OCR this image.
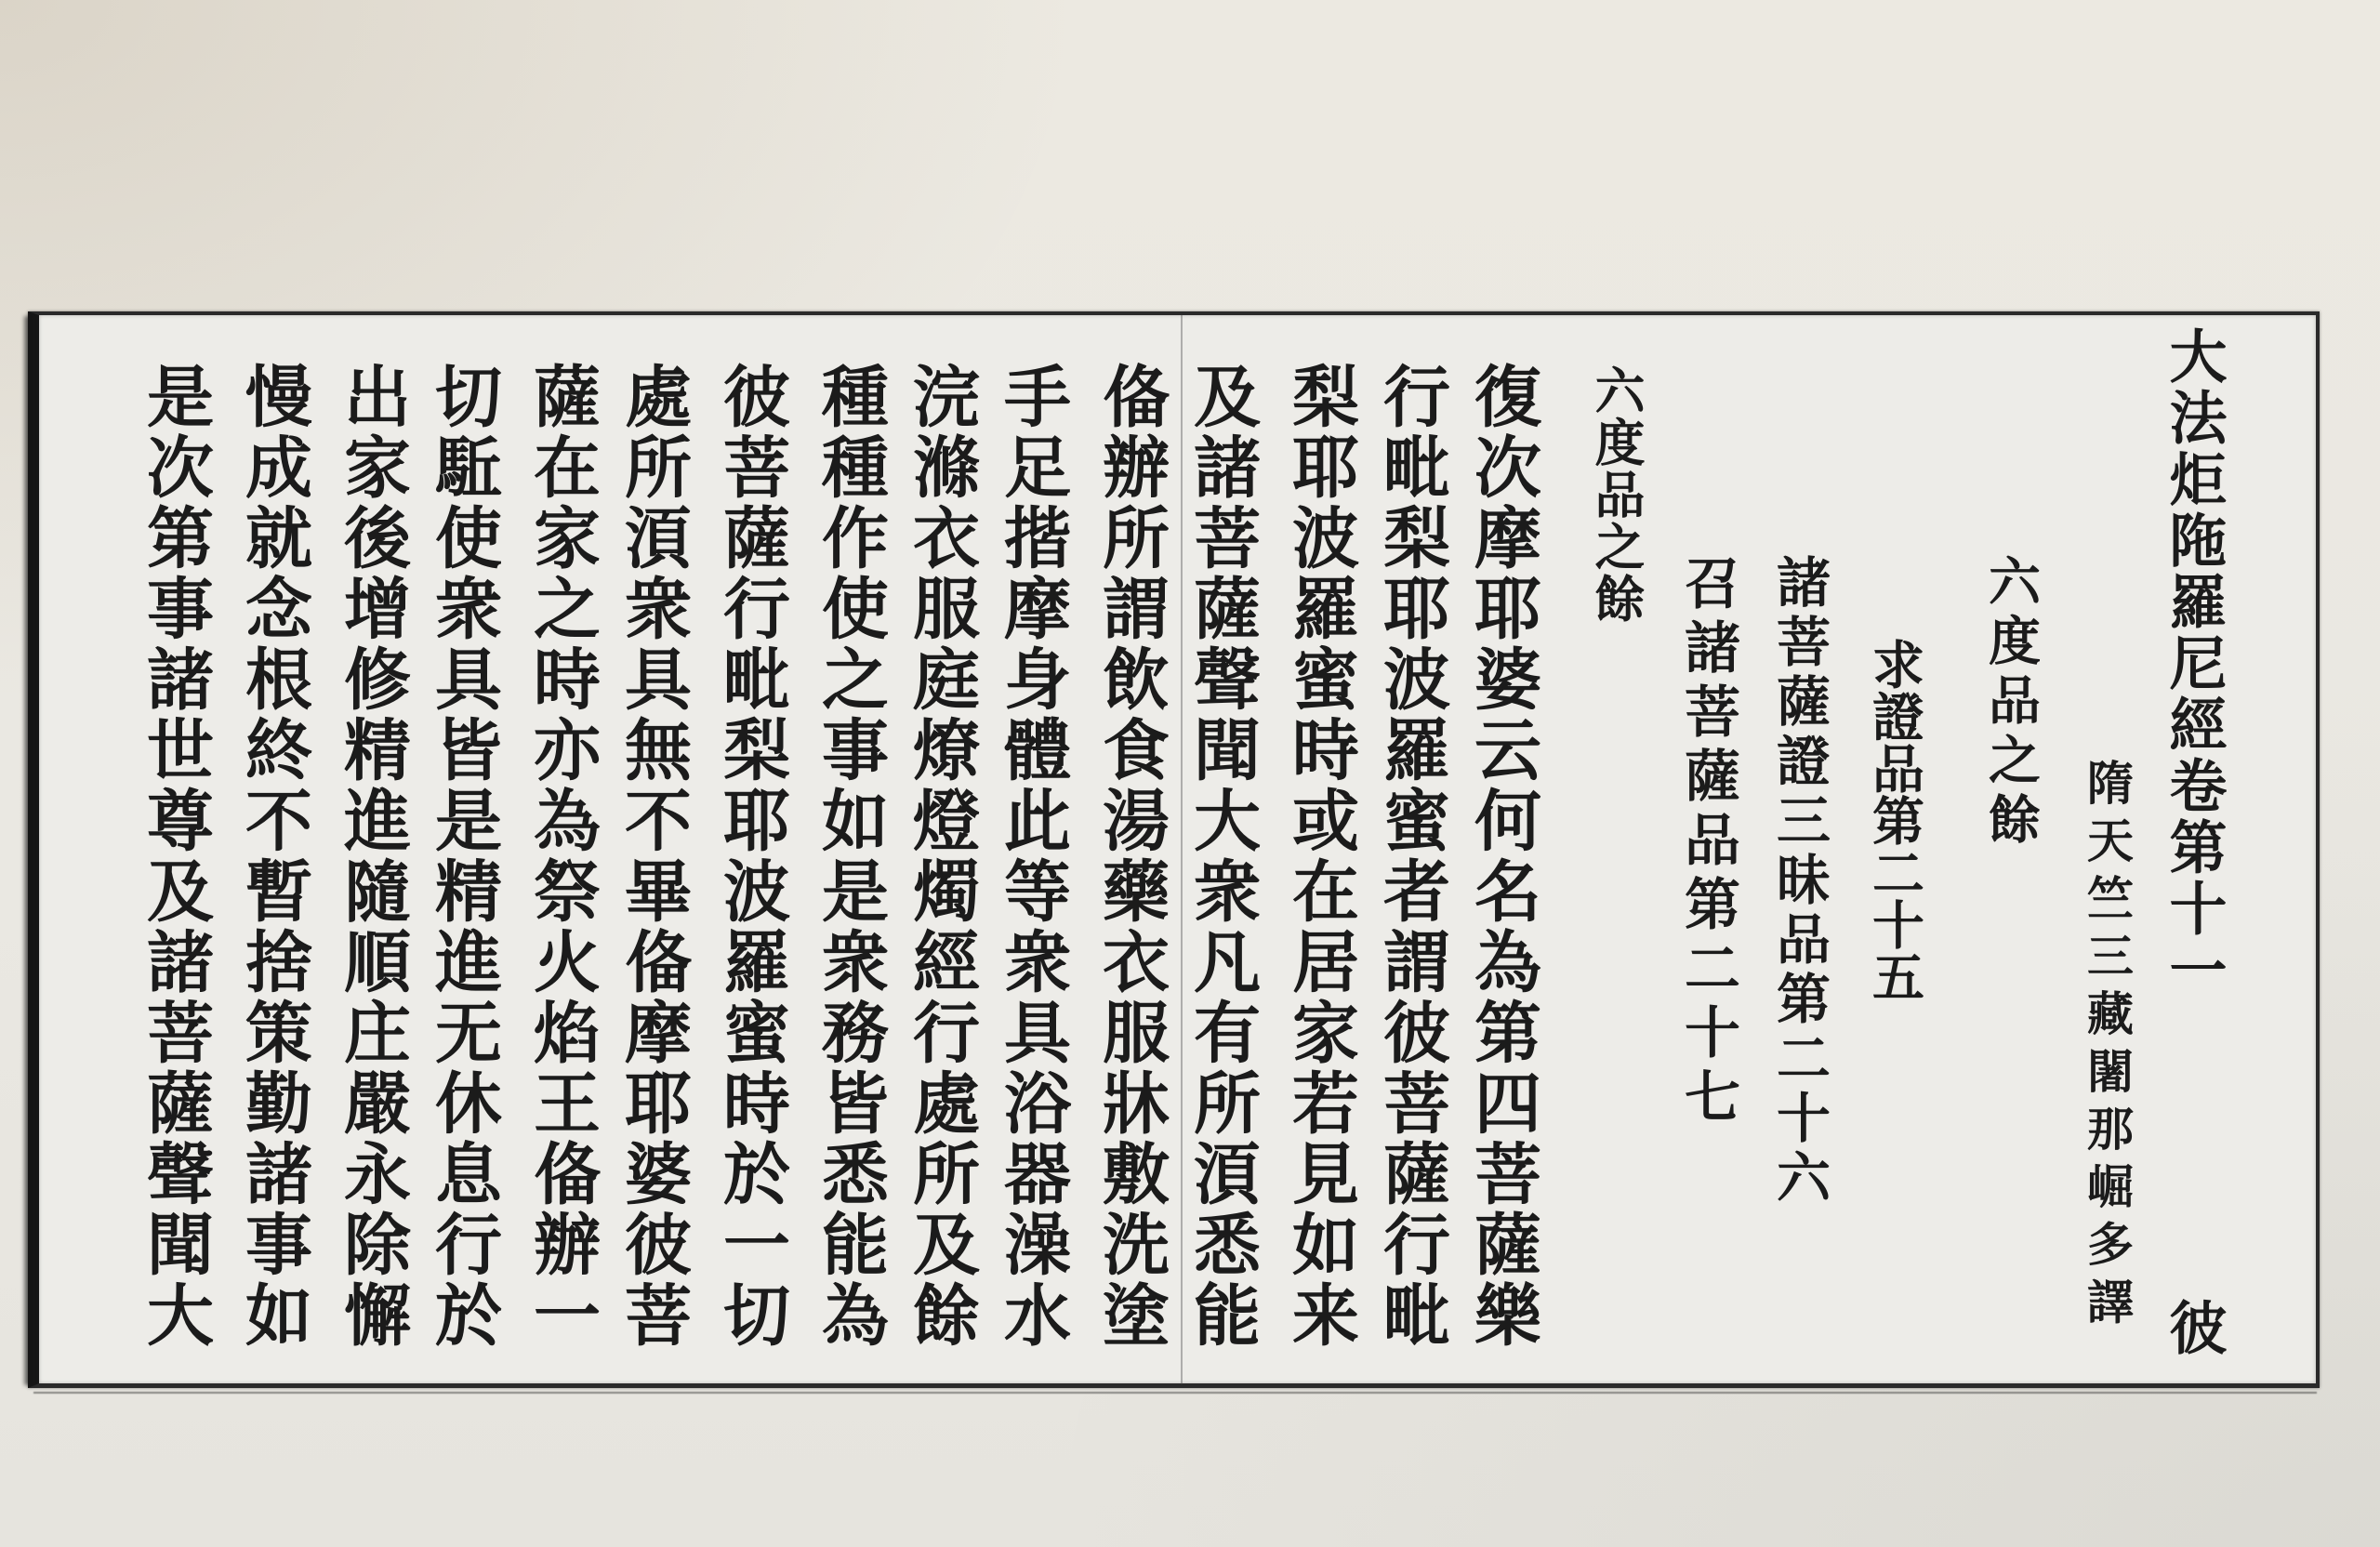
大法炬陁羅尼經卷第十一
彼
隋天竺三藏闍那崛多譯
六度品之餘
求證品第二十五
諸菩薩證三昧品第二十六
召諸菩薩品第二十七
六度品之餘
復次摩耶婆云何名為第四菩薩樂
行毗梨耶波羅蜜者謂彼菩薩行毗
梨耶波羅蜜時或在居家若見如来
及諸菩薩聲聞大衆凡有所湏悉能
俻辦所謂飲食湯藥衣服牀敷洗塗
手足揩摩身體此等衆具浴器澡水
浣滌衣服庭燎燈燭經行處所及餘
種種作使之事如是衆務皆悉能為
彼菩薩行毗梨耶波羅蜜時於一切
處所湏衆具無不畢俻摩耶婆彼菩
薩在家之時亦為祭火焰王俻辦一
切駈使衆具皆是精進无休息行於
出家後增修精進隨順庄嚴永除懈
慢成就念根終不暫捨策勤諸事如
是次第事諸世尊及諸菩薩聲聞大
